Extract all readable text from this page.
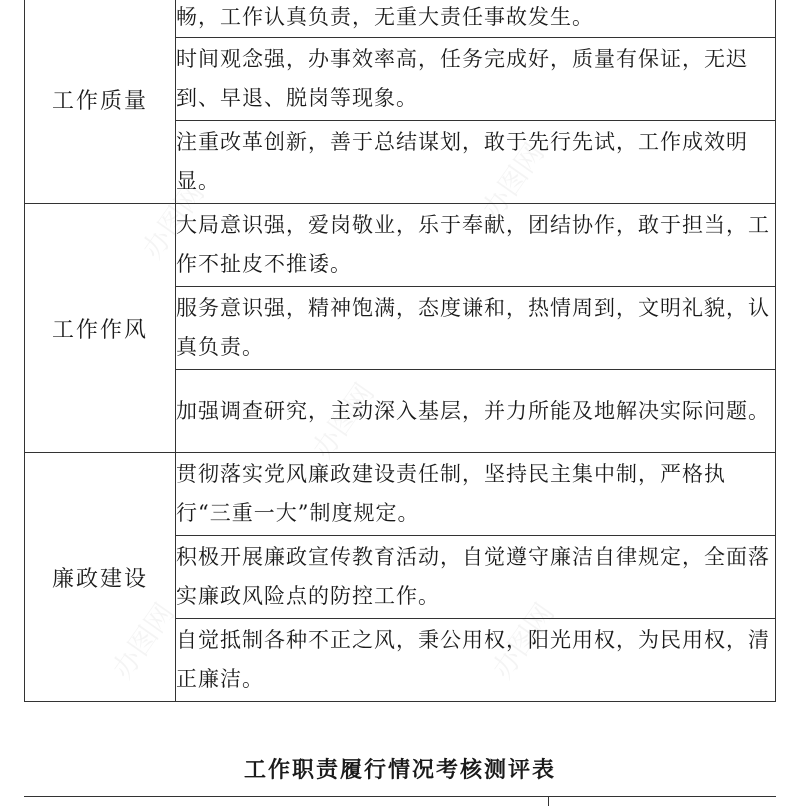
工作质量	畅，工作认真负责，无重大责任事故发生。

	时间观念强，办事效率高，任务完成好，质量有保证，无迟到、早退、脱岗等现象。
	注重改革创新，善于总结谋划，敢于先行先试，工作成效明显。
工作作风	大局意识强，爱岗敬业，乐于奉献，团结协作，敢于担当，工作不扯皮不推诿。
	服务意识强，精神饱满，态度谦和，热情周到，文明礼貌，认真负责。
	加强调查研究，主动深入基层，并力所能及地解决实际问题。
廉政建设	贯彻落实党风廉政建设责任制，坚持民主集中制，严格执行“三重一大”制度规定。
	积极开展廉政宣传教育活动，自觉遵守廉洁自律规定，全面落实廉政风险点的防控工作。
	自觉抵制各种不正之风，秉公用权，阳光用权，为民用权，清正廉洁。
工作职责履行情况考核测评表
